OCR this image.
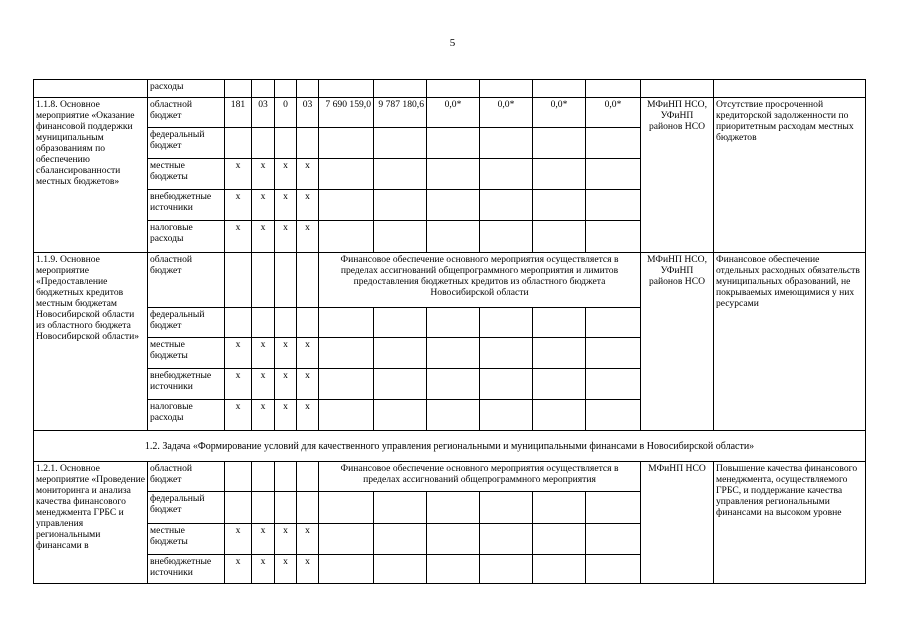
5
	расходы												
1.1.8. Основное мероприятие «Оказание финансовой поддержки муниципальным образованиям по обеспечению сбалансированности местных бюджетов»	областной бюджет	181	03	0	03	7 690 159,0	9 787 180,6	0,0*	0,0*	0,0*	0,0*	МФиНП НСО, УФиНП районов НСО	Отсутствие просроченной кредиторской задолженности по приоритетным расходам местных бюджетов
	федеральный бюджет												
	местные бюджеты	x	x	x	x								
	внебюджетные источники	x	x	x	x								
	налоговые расходы	x	x	x	x								
1.1.9. Основное мероприятие «Предоставление бюджетных кредитов местным бюджетам Новосибирской области из областного бюджета Новосибирской области»	областной бюджет					Финансовое обеспечение основного мероприятия осуществляется в пределах ассигнований общепрограммного мероприятия и лимитов предоставления бюджетных кредитов из областного бюджета Новосибирской области						МФиНП НСО, УФиНП районов НСО	Финансовое обеспечение отдельных расходных обязательств муниципальных образований, не покрываемых имеющимися у них ресурсами
	федеральный бюджет												
	местные бюджеты	x	x	x	x								
	внебюджетные источники	x	x	x	x								
	налоговые расходы	x	x	x	x								
1.2. Задача «Формирование условий для качественного управления региональными и муниципальными финансами в Новосибирской области»													
1.2.1. Основное мероприятие «Проведение мониторинга и анализа качества финансового менеджмента ГРБС и управления региональными финансами в	областной бюджет					Финансовое обеспечение основного мероприятия осуществляется в пределах ассигнований общепрограммного мероприятия						МФиНП НСО	Повышение качества финансового менеджмента, осуществляемого ГРБС, и поддержание качества управления региональными финансами на высоком уровне
	федеральный бюджет												
	местные бюджеты	x	x	x	x								
	внебюджетные источники	x	x	x	x								
